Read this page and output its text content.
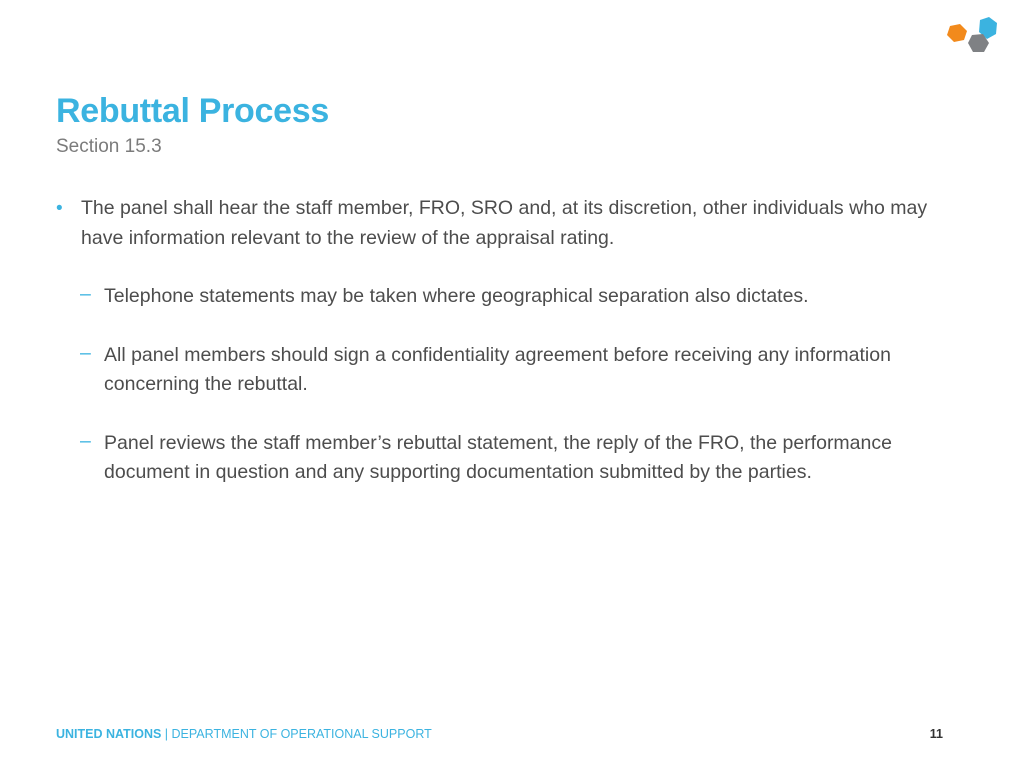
Rebuttal Process
Section 15.3
• The panel shall hear the staff member, FRO, SRO and, at its discretion, other individuals who may have information relevant to the review of the appraisal rating.
– Telephone statements may be taken where geographical separation also dictates.
– All panel members should sign a confidentiality agreement before receiving any information concerning the rebuttal.
– Panel reviews the staff member’s rebuttal statement, the reply of the FRO, the performance document in question and any supporting documentation submitted by the parties.
UNITED NATIONS | DEPARTMENT OF OPERATIONAL SUPPORT	11
